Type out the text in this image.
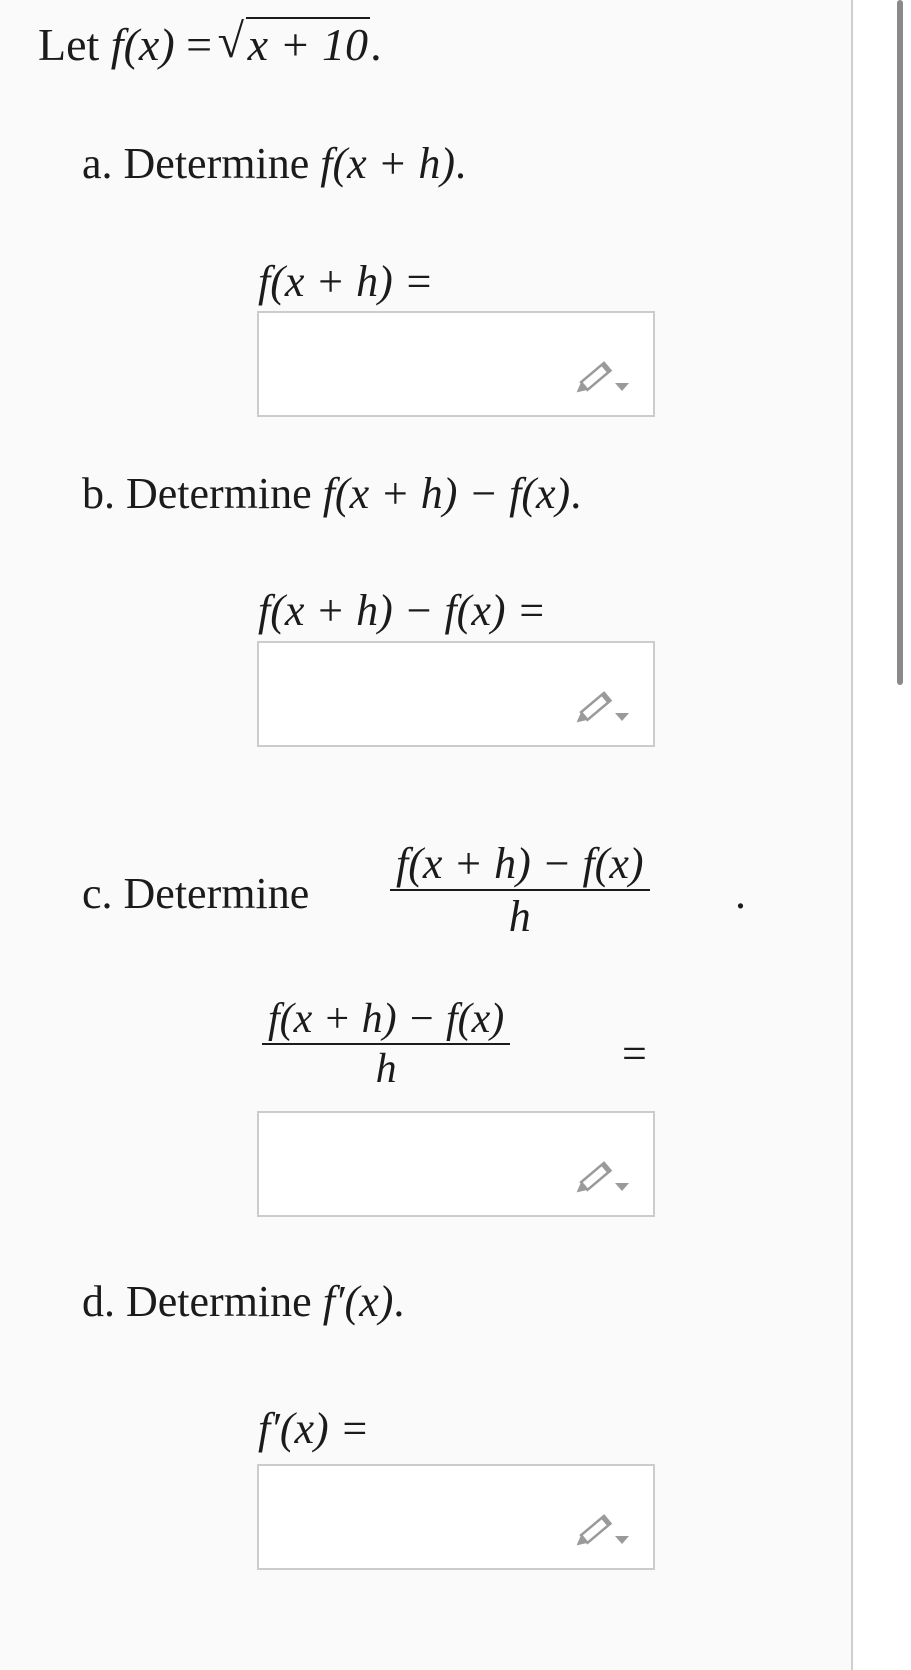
Let f(x) = √ x + 10.
a. Determine f(x + h).
f(x + h) =
b. Determine f(x + h) − f(x).
f(x + h) − f(x) =
c. Determine
f(x + h) − f(x)
h	.
f(x + h) − f(x)
h	=
d. Determine f′(x).
f′(x) =
